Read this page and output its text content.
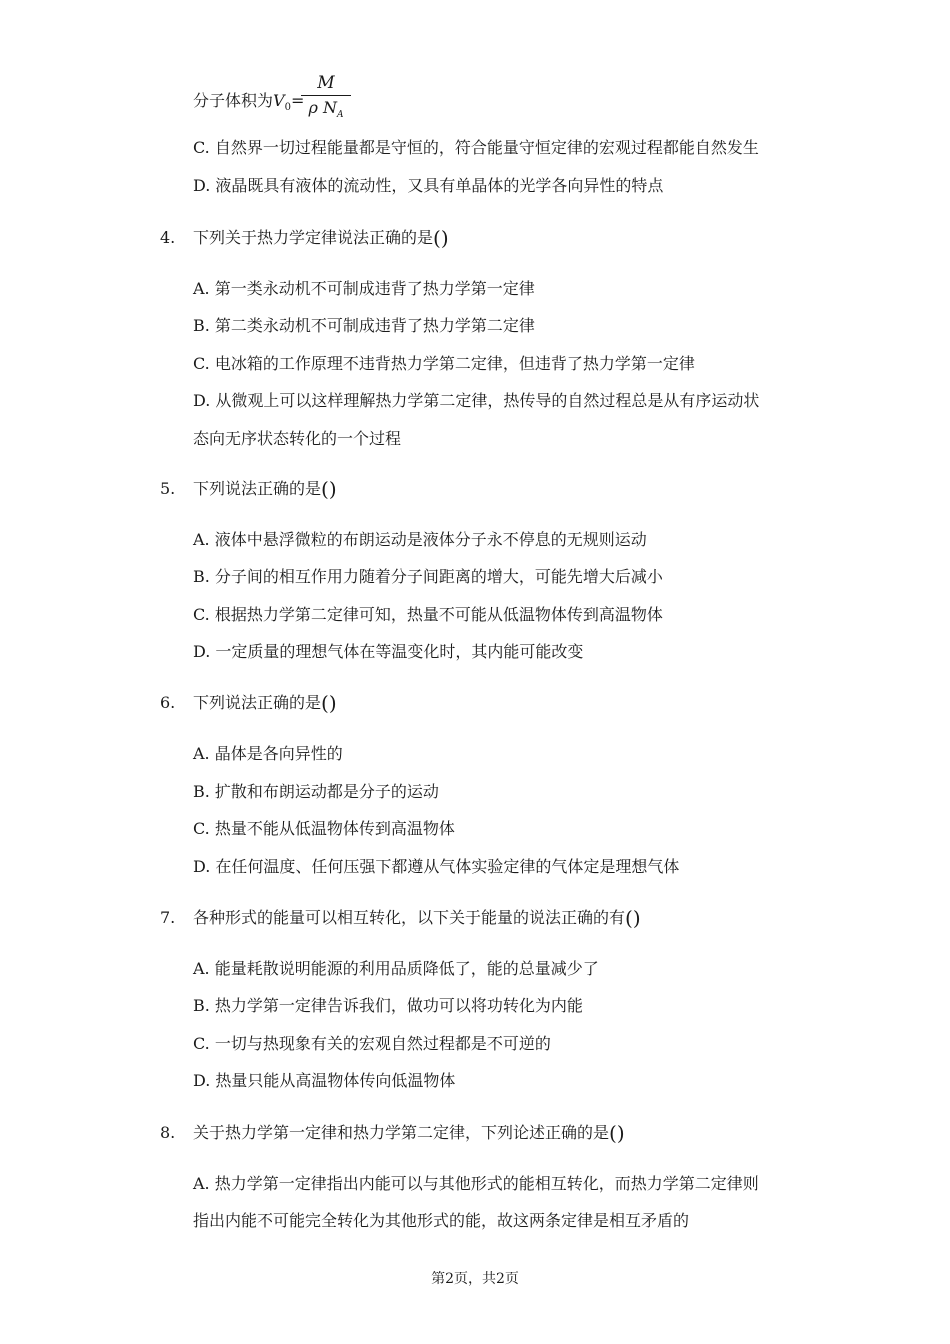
分子体积为$V_0=$
M
ρ $N_A$
C. 自然界一切过程能量都是守恒的，符合能量守恒定律的宏观过程都能自然发生
D. 液晶既具有液体的流动性，又具有单晶体的光学各向异性的特点
4. 下列关于热力学定律说法正确的是()
A. 第一类永动机不可制成违背了热力学第一定律
B. 第二类永动机不可制成违背了热力学第二定律
C. 电冰箱的工作原理不违背热力学第二定律，但违背了热力学第一定律
D. 从微观上可以这样理解热力学第二定律，热传导的自然过程总是从有序运动状
态向无序状态转化的一个过程
5. 下列说法正确的是()
A. 液体中悬浮微粒的布朗运动是液体分子永不停息的无规则运动
B. 分子间的相互作用力随着分子间距离的增大，可能先增大后减小
C. 根据热力学第二定律可知，热量不可能从低温物体传到高温物体
D. 一定质量的理想气体在等温变化时，其内能可能改变
6. 下列说法正确的是()
A. 晶体是各向异性的
B. 扩散和布朗运动都是分子的运动
C. 热量不能从低温物体传到高温物体
D. 在任何温度、任何压强下都遵从气体实验定律的气体定是理想气体
7. 各种形式的能量可以相互转化，以下关于能量的说法正确的有()
A. 能量耗散说明能源的利用品质降低了，能的总量减少了
B. 热力学第一定律告诉我们，做功可以将功转化为内能
C. 一切与热现象有关的宏观自然过程都是不可逆的
D. 热量只能从高温物体传向低温物体
8. 关于热力学第一定律和热力学第二定律，下列论述正确的是()
A. 热力学第一定律指出内能可以与其他形式的能相互转化，而热力学第二定律则
指出内能不可能完全转化为其他形式的能，故这两条定律是相互矛盾的
第2页，共2页
